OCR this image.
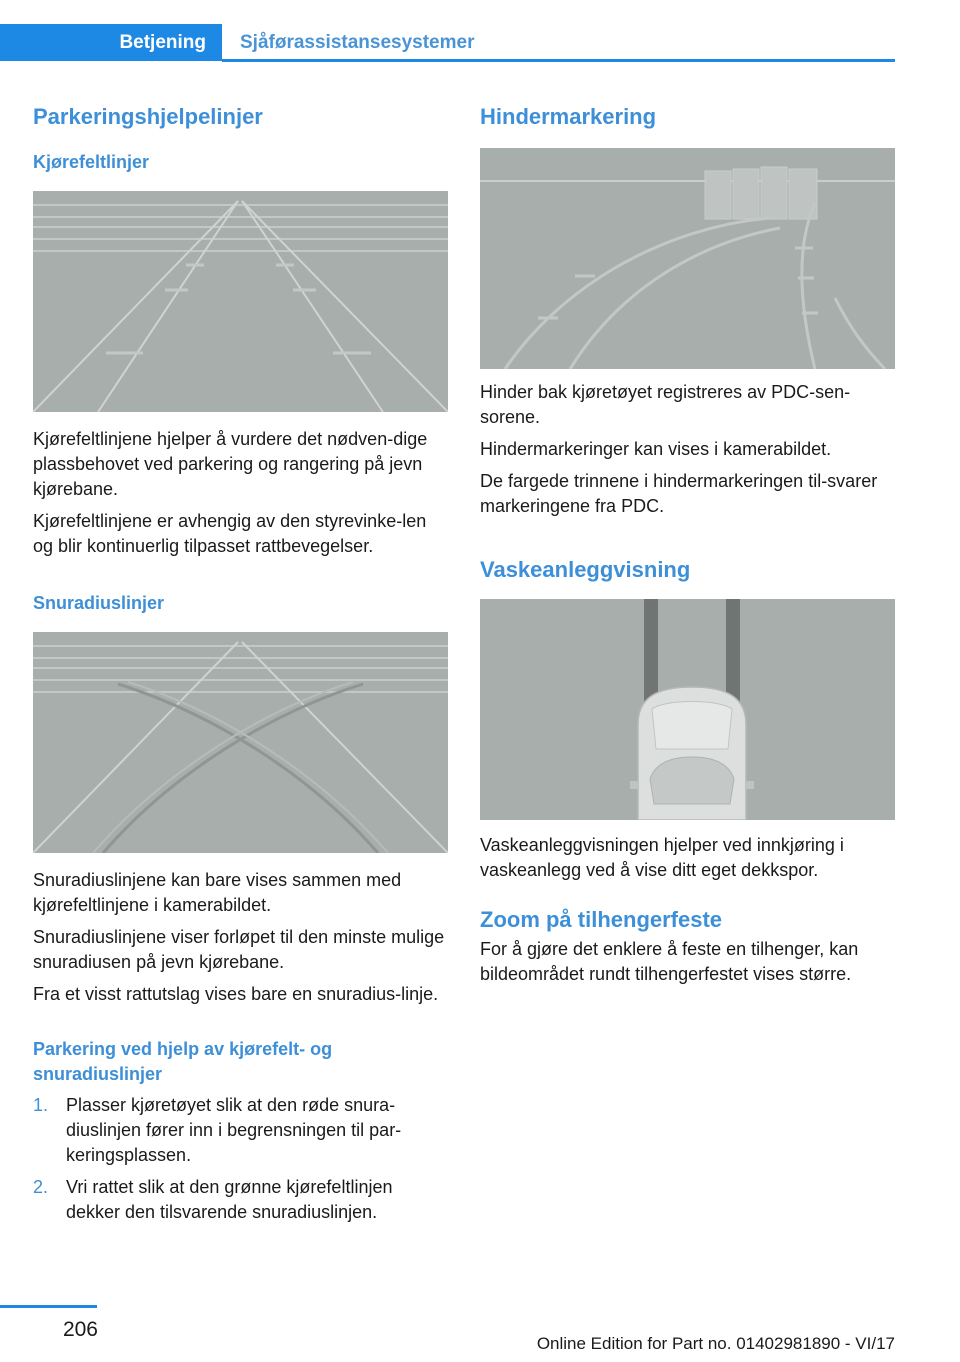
Betjening	Sjåførassistansesystemer
Parkeringshjelpelinjer
Kjørefeltlinjer

Kjørefeltlinjene hjelper å vurdere det nødven-dige plassbehovet ved parkering og rangering på jevn kjørebane.

Kjørefeltlinjene er avhengig av den styrevinke-len og blir kontinuerlig tilpasset rattbevegelser.

Snuradiuslinjer

Snuradiuslinjene kan bare vises sammen med kjørefeltlinjene i kamerabildet.

Snuradiuslinjene viser forløpet til den minste mulige snuradiusen på jevn kjørebane.

Fra et visst rattutslag vises bare en snuradius-linje.

Parkering ved hjelp av kjørefelt- og snuradiuslinjer
1. Plasser kjøretøyet slik at den røde snura-diuslinjen fører inn i begrensningen til par-keringsplassen.
2. Vri rattet slik at den grønne kjørefeltlinjen dekker den tilsvarende snuradiuslinjen.
Hindermarkering

Hinder bak kjøretøyet registreres av PDC-sen-sorene.

Hindermarkeringer kan vises i kamerabildet.

De fargede trinnene i hindermarkeringen til-svarer markeringene fra PDC.

Vaskeanleggvisning

Vaskeanleggvisningen hjelper ved innkjøring i vaskeanlegg ved å vise ditt eget dekkspor.

Zoom på tilhengerfeste

For å gjøre det enklere å feste en tilhenger, kan bildeområdet rundt tilhengerfestet vises større.

206
Online Edition for Part no. 01402981890 - VI/17
